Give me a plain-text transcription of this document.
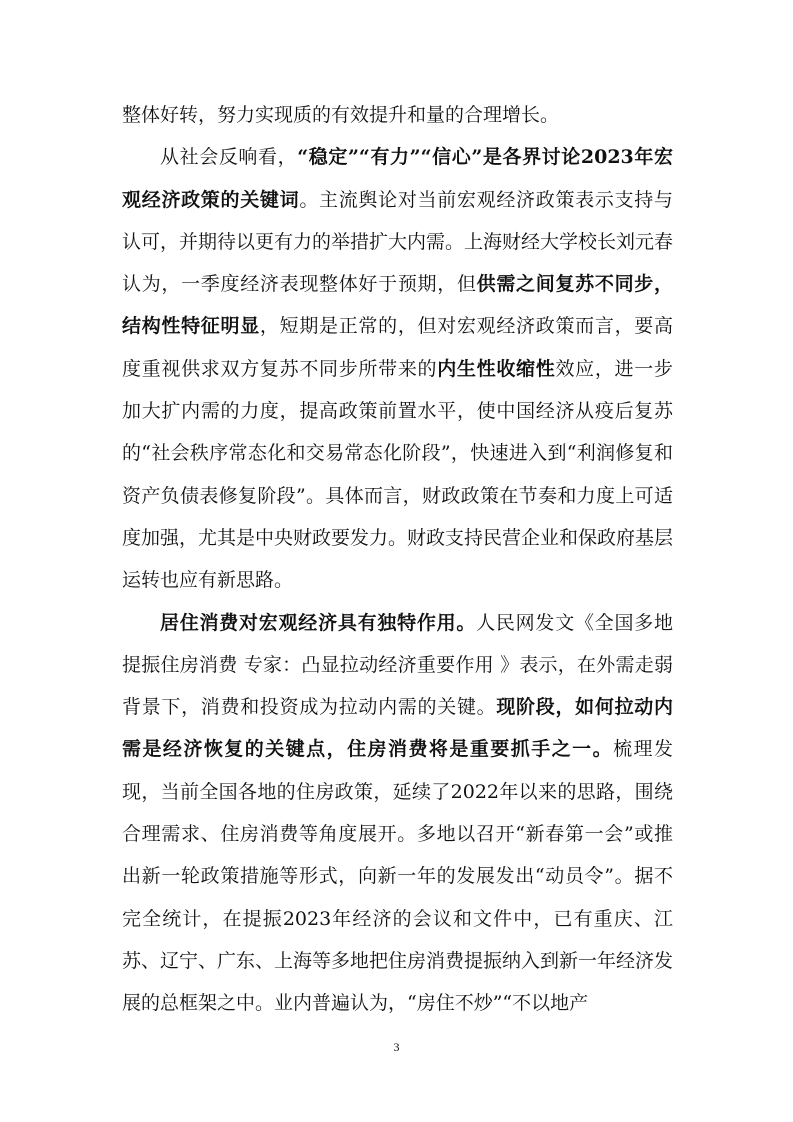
整体好转，努力实现质的有效提升和量的合理增长。

从社会反响看，“稳定”“有力”“信心”是各界讨论2023年宏观经济政策的关键词。主流舆论对当前宏观经济政策表示支持与认可，并期待以更有力的举措扩大内需。上海财经大学校长刘元春认为，一季度经济表现整体好于预期，但供需之间复苏不同步，结构性特征明显，短期是正常的，但对宏观经济政策而言，要高度重视供求双方复苏不同步所带来的内生性收缩性效应，进一步加大扩内需的力度，提高政策前置水平，使中国经济从疫后复苏的“社会秩序常态化和交易常态化阶段”，快速进入到“利润修复和资产负债表修复阶段”。具体而言，财政政策在节奏和力度上可适度加强，尤其是中央财政要发力。财政支持民营企业和保政府基层运转也应有新思路。

居住消费对宏观经济具有独特作用。人民网发文《全国多地提振住房消费 专家：凸显拉动经济重要作用 》表示，在外需走弱背景下，消费和投资成为拉动内需的关键。现阶段，如何拉动内需是经济恢复的关键点，住房消费将是重要抓手之一。梳理发现，当前全国各地的住房政策，延续了2022年以来的思路，围绕合理需求、住房消费等角度展开。多地以召开“新春第一会”或推出新一轮政策措施等形式，向新一年的发展发出“动员令”。据不完全统计，在提振2023年经济的会议和文件中，已有重庆、江苏、辽宁、广东、上海等多地把住房消费提振纳入到新一年经济发展的总框架之中。业内普遍认为，“房住不炒”“不以地产

3
